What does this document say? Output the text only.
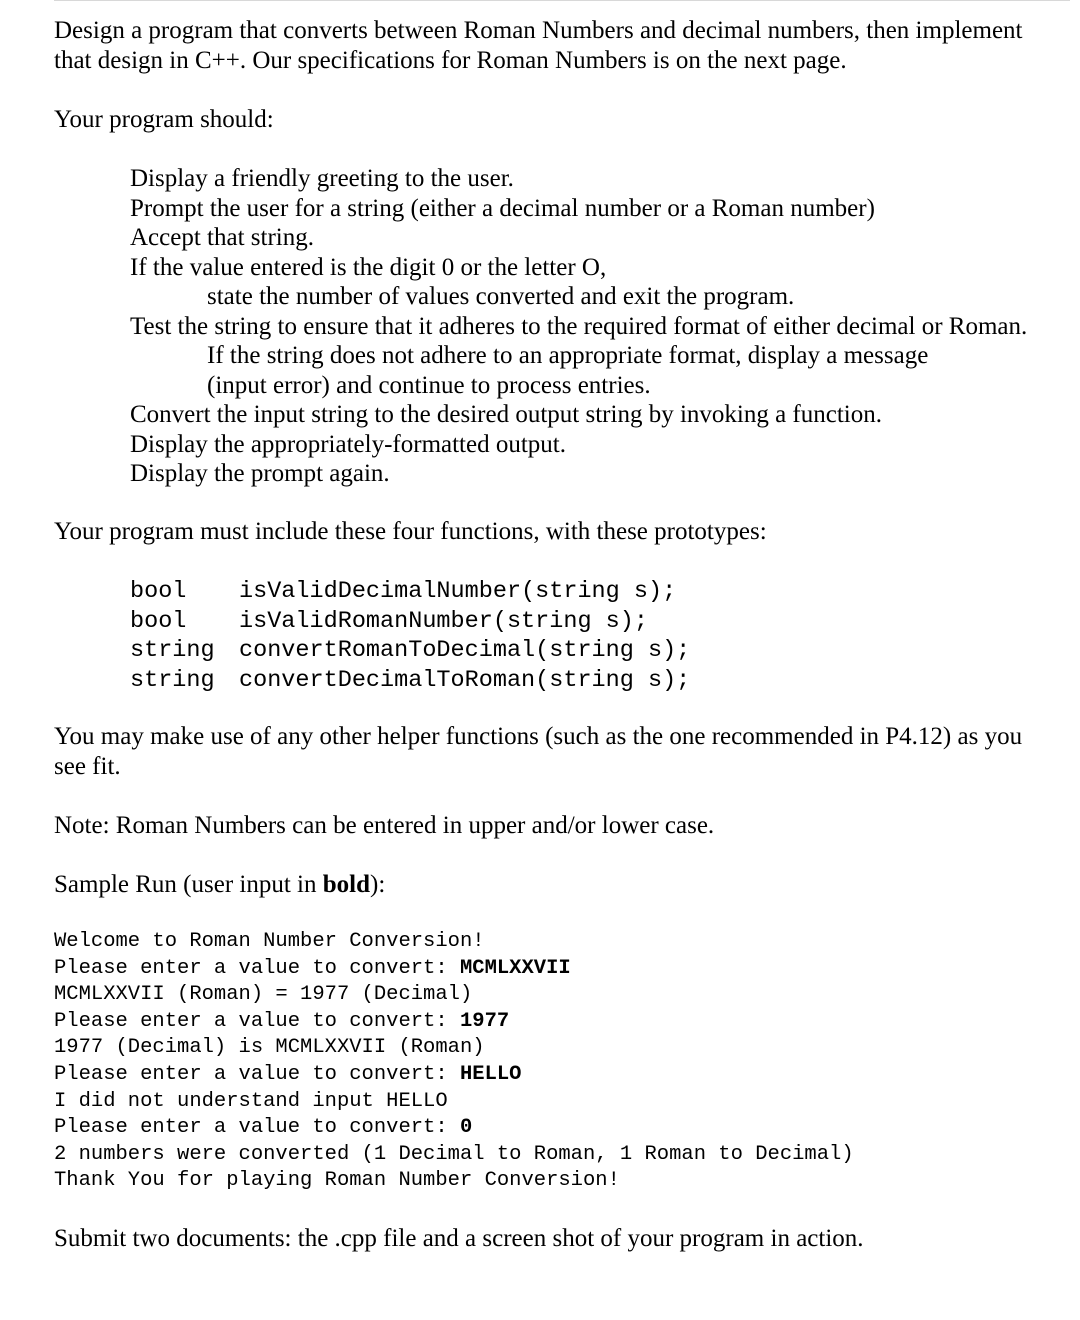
Design a program that converts between Roman Numbers and decimal numbers, then implement
that design in C++. Our specifications for Roman Numbers is on the next page.
Your program should:
Display a friendly greeting to the user.
Prompt the user for a string (either a decimal number or a Roman number)
Accept that string.
If the value entered is the digit 0 or the letter O,
state the number of values converted and exit the program.
Test the string to ensure that it adheres to the required format of either decimal or Roman.
If the string does not adhere to an appropriate format, display a message
(input error) and continue to process entries.
Convert the input string to the desired output string by invoking a function.
Display the appropriately-formatted output.
Display the prompt again.
Your program must include these four functions, with these prototypes:
bool isValidDecimalNumber(string s);
bool isValidRomanNumber(string s);
string convertRomanToDecimal(string s);
string convertDecimalToRoman(string s);
You may make use of any other helper functions (such as the one recommended in P4.12) as you
see fit.
Note: Roman Numbers can be entered in upper and/or lower case.
Sample Run (user input in bold):
Welcome to Roman Number Conversion!
Please enter a value to convert: MCMLXXVII
MCMLXXVII (Roman) = 1977 (Decimal)
Please enter a value to convert: 1977
1977 (Decimal) is MCMLXXVII (Roman)
Please enter a value to convert: HELLO
I did not understand input HELLO
Please enter a value to convert: 0
2 numbers were converted (1 Decimal to Roman, 1 Roman to Decimal)
Thank You for playing Roman Number Conversion!
Submit two documents: the .cpp file and a screen shot of your program in action.
